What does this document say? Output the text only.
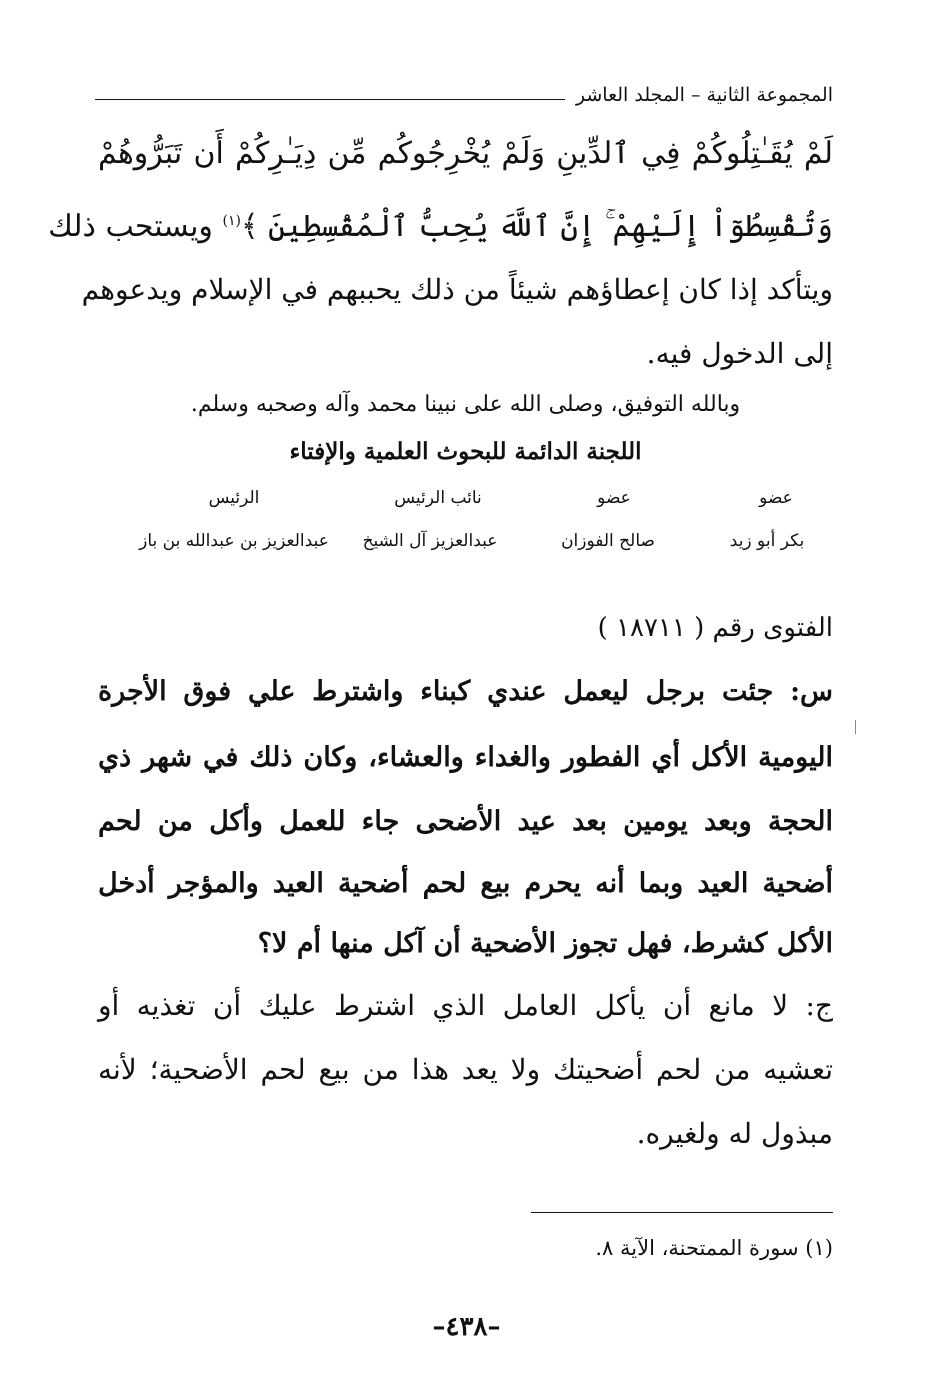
المجموعة الثانية – المجلد العاشر
لَمْ يُقَـٰتِلُوكُمْ فِي ٱلدِّينِ وَلَمْ يُخْرِجُوكُم مِّن دِيَـٰرِكُمْ أَن تَبَرُّوهُمْ
وَتُقْسِطُوٓاْ إِلَيْهِمْ ۚ إِنَّ ٱللَّهَ يُحِبُّ ٱلْمُقْسِطِينَ ﴾$^{(١)}$ ويستحب ذلك
ويتأكد إذا كان إعطاؤهم شيئاً من ذلك يحببهم في الإسلام ويدعوهم
إلى الدخول فيه.
وبالله التوفيق، وصلى الله على نبينا محمد وآله وصحبه وسلم.
اللجنة الدائمة للبحوث العلمية والإفتاء
الرئيس	نائب الرئيس	عضو	عضو
عبدالعزيز بن عبدالله بن باز	عبدالعزيز آل الشيخ	صالح الفوزان	بكر أبو زيد
الفتوى رقم ( ١٨٧١١ )
س: جئت برجل ليعمل عندي كبناء واشترط علي فوق الأجرة
اليومية الأكل أي الفطور والغداء والعشاء، وكان ذلك في شهر ذي
الحجة وبعد يومين بعد عيد الأضحى جاء للعمل وأكل من لحم
أضحية العيد وبما أنه يحرم بيع لحم أضحية العيد والمؤجر أدخل
الأكل كشرط، فهل تجوز الأضحية أن آكل منها أم لا؟
ج: لا مانع أن يأكل العامل الذي اشترط عليك أن تغذيه أو
تعشيه من لحم أضحيتك ولا يعد هذا من بيع لحم الأضحية؛ لأنه
مبذول له ولغيره.
(١) سورة الممتحنة، الآية ٨.
–٤٣٨–
